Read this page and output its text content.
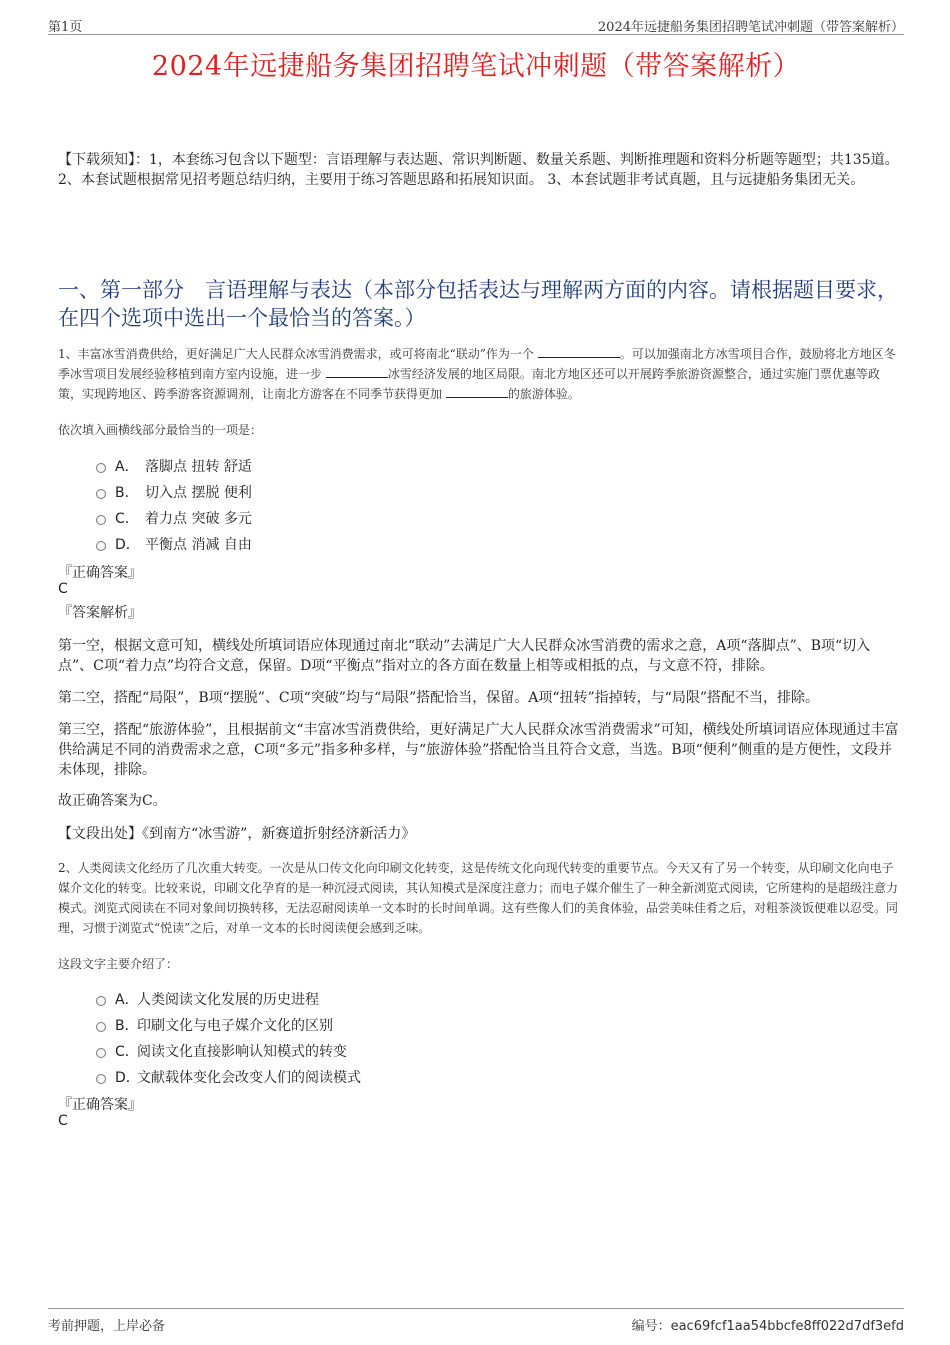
第1页	2024年远捷船务集团招聘笔试冲刺题（带答案解析）
2024年远捷船务集团招聘笔试冲刺题（带答案解析）
【下载须知】：1，本套练习包含以下题型：言语理解与表达题、常识判断题、数量关系题、判断推理题和资料分析题等题型；共135道。 2、本套试题根据常见招考题总结归纳，主要用于练习答题思路和拓展知识面。 3、本套试题非考试真题，且与远捷船务集团无关。
一、第一部分　言语理解与表达（本部分包括表达与理解两方面的内容。请根据题目要求，在四个选项中选出一个最恰当的答案。）
1、丰富冰雪消费供给，更好满足广大人民群众冰雪消费需求，或可将南北“联动”作为一个	。可以加强南北方冰雪项目合作，鼓励将北方地区冬季冰雪项目发展经验移植到南方室内设施，进一步	冰雪经济发展的地区局限。南北方地区还可以开展跨季旅游资源整合，通过实施门票优惠等政策，实现跨地区、跨季游客资源调剂，让南北方游客在不同季节获得更加	的旅游体验。
依次填入画横线部分最恰当的一项是：
A． 落脚点 扭转 舒适
B． 切入点 摆脱 便利
C． 着力点 突破 多元
D． 平衡点 消减 自由
『正确答案』
C
『答案解析』
第一空，根据文意可知，横线处所填词语应体现通过南北“联动”去满足广大人民群众冰雪消费的需求之意，A项“落脚点”、B项“切入点”、C项“着力点”均符合文意，保留。D项“平衡点”指对立的各方面在数量上相等或相抵的点，与文意不符，排除。
第二空，搭配“局限”，B项“摆脱”、C项“突破”均与“局限”搭配恰当，保留。A项“扭转”指掉转，与“局限”搭配不当，排除。
第三空，搭配“旅游体验”，且根据前文“丰富冰雪消费供给，更好满足广大人民群众冰雪消费需求”可知，横线处所填词语应体现通过丰富供给满足不同的消费需求之意，C项“多元”指多种多样，与“旅游体验”搭配恰当且符合文意，当选。B项“便利”侧重的是方便性，文段并未体现，排除。
故正确答案为C。
【文段出处】《到南方“冰雪游”，新赛道折射经济新活力》
2、人类阅读文化经历了几次重大转变。一次是从口传文化向印刷文化转变，这是传统文化向现代转变的重要节点。今天又有了另一个转变，从印刷文化向电子媒介文化的转变。比较来说，印刷文化孕育的是一种沉浸式阅读，其认知模式是深度注意力；而电子媒介催生了一种全新浏览式阅读，它所建构的是超级注意力模式。浏览式阅读在不同对象间切换转移，无法忍耐阅读单一文本时的长时间单调。这有些像人们的美食体验，品尝美味佳肴之后，对粗茶淡饭便难以忍受。同理，习惯于浏览式“悦读”之后，对单一文本的长时阅读便会感到乏味。
这段文字主要介绍了：
A．
人类阅读文化发展的历史进程
B．
印刷文化与电子媒介文化的区别
C．
阅读文化直接影响认知模式的转变
D．
文献载体变化会改变人们的阅读模式
『正确答案』
C
考前押题，上岸必备	编号：eac69fcf1aa54bbcfe8ff022d7df3efd
